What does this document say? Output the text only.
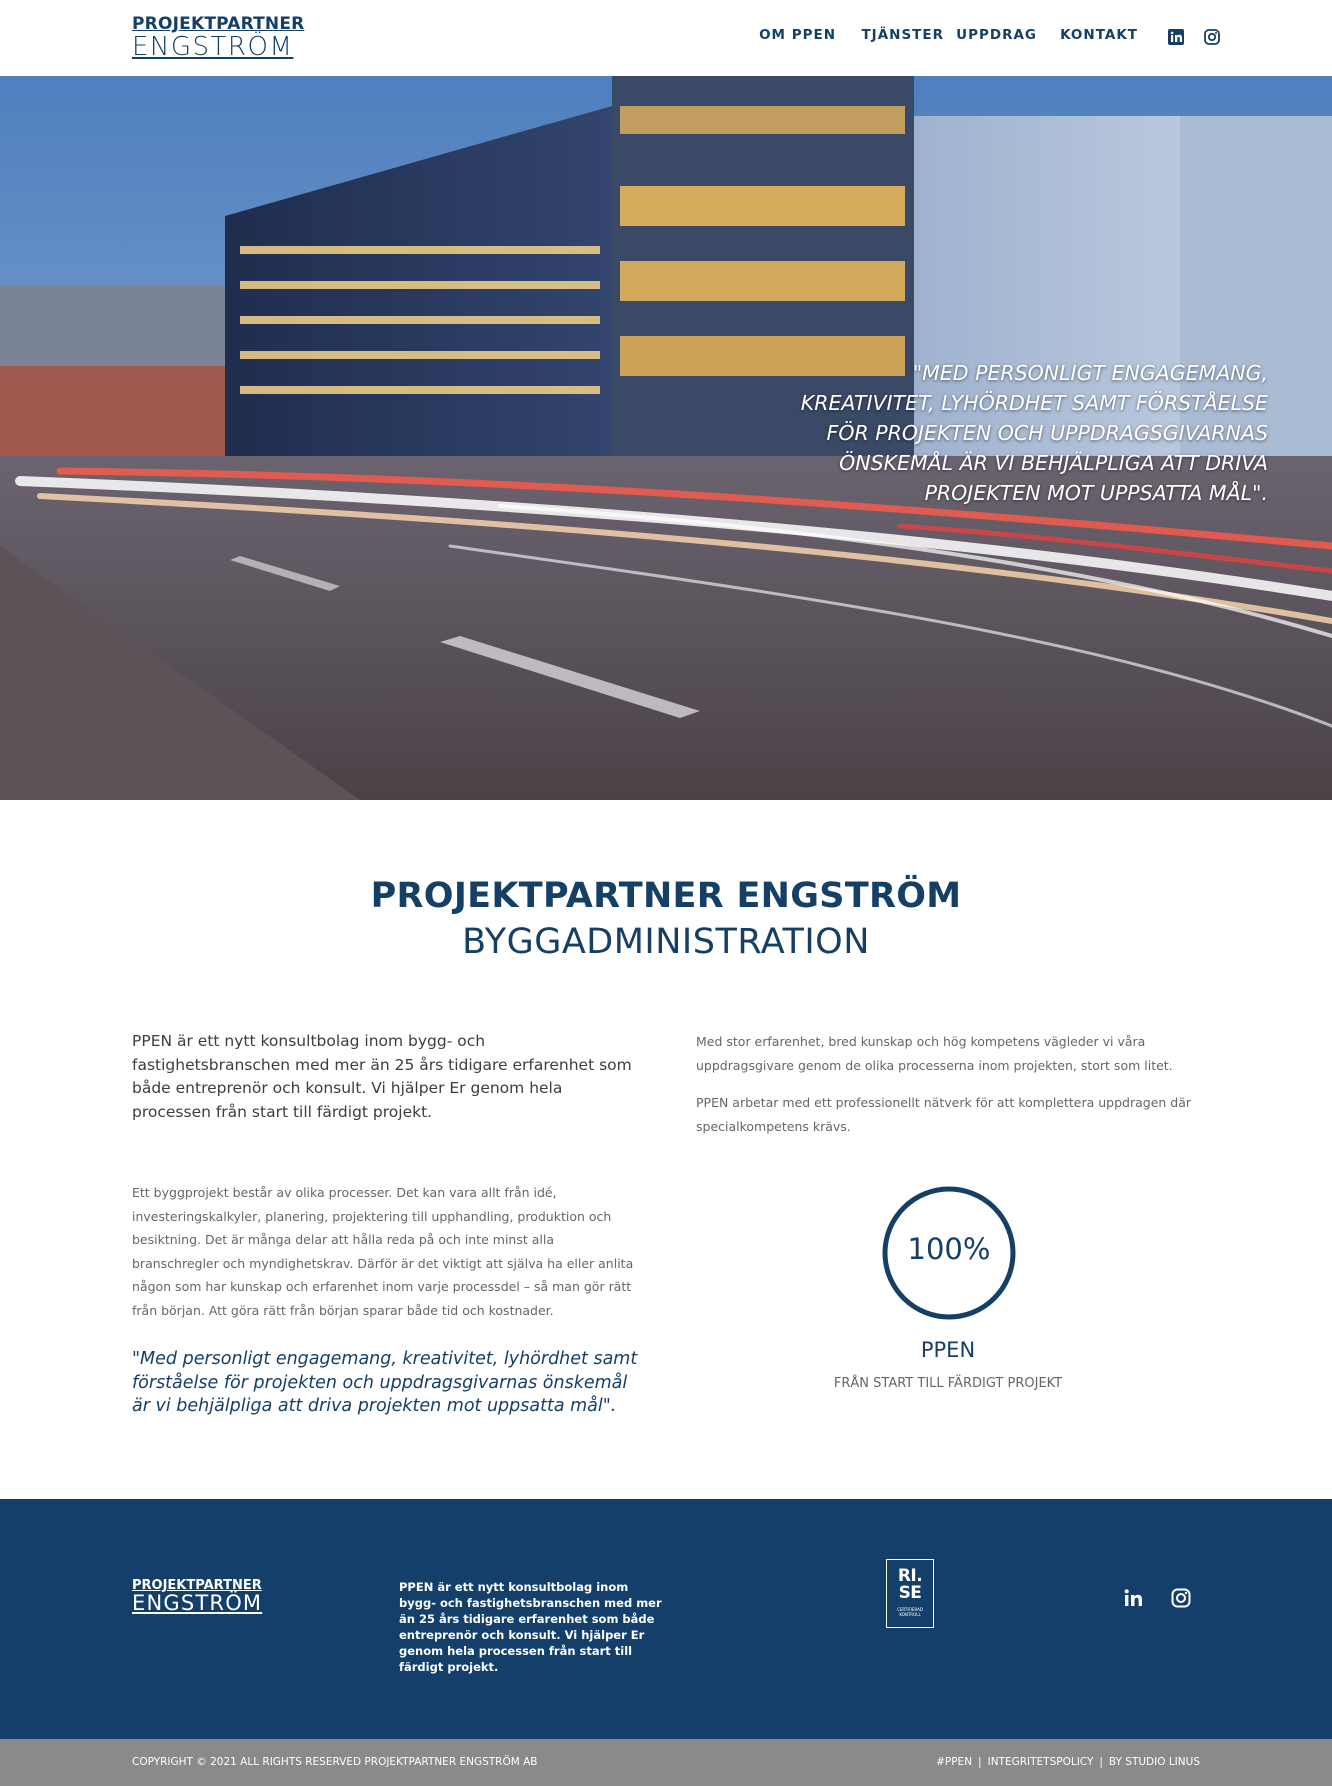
PROJEKTPARTNER
ENGSTRÖM	OM PPEN TJÄNSTER UPPDRAG KONTAKT
"MED PERSONLIGT ENGAGEMANG, KREATIVITET, LYHÖRDHET SAMT FÖRSTÅELSE FÖR PROJEKTEN OCH UPPDRAGSGIVARNAS ÖNSKEMÅL ÄR VI BEHJÄLPLIGA ATT DRIVA PROJEKTEN MOT UPPSATTA MÅL".
PROJEKTPARTNER ENGSTRÖM
BYGGADMINISTRATION
PPEN är ett nytt konsultbolag inom bygg- och fastighetsbranschen med mer än 25 års tidigare erfarenhet som både entreprenör och konsult. Vi hjälper Er genom hela processen från start till färdigt projekt.

Med stor erfarenhet, bred kunskap och hög kompetens vägleder vi våra uppdragsgivare genom de olika processerna inom projekten, stort som litet.

PPEN arbetar med ett professionellt nätverk för att komplettera uppdragen där specialkompetens krävs.

Ett byggprojekt består av olika processer. Det kan vara allt från idé, investeringskalkyler, planering, projektering till upphandling, produktion och besiktning. Det är många delar att hålla reda på och inte minst alla branschregler och myndighetskrav. Därför är det viktigt att själva ha eller anlita någon som har kunskap och erfarenhet inom varje processdel – så man gör rätt från början. Att göra rätt från början sparar både tid och kostnader.
"Med personligt engagemang, kreativitet, lyhördhet samt förståelse för projekten och uppdragsgivarnas önskemål är vi behjälpliga att driva projekten mot uppsatta mål".
100%
PPEN
FRÅN START TILL FÄRDIGT PROJEKT
PROJEKTPARTNER
ENGSTRÖM
PPEN är ett nytt konsultbolag inom bygg- och fastighetsbranschen med mer än 25 års tidigare erfarenhet som både entreprenör och konsult. Vi hjälper Er genom hela processen från start till färdigt projekt.
RI.
SE
CERTIFIERAD KONTROLL
COPYRIGHT © 2021 ALL RIGHTS RESERVED PROJEKTPARTNER ENGSTRÖM AB	#PPEN | INTEGRITETSPOLICY | BY STUDIO LINUS
